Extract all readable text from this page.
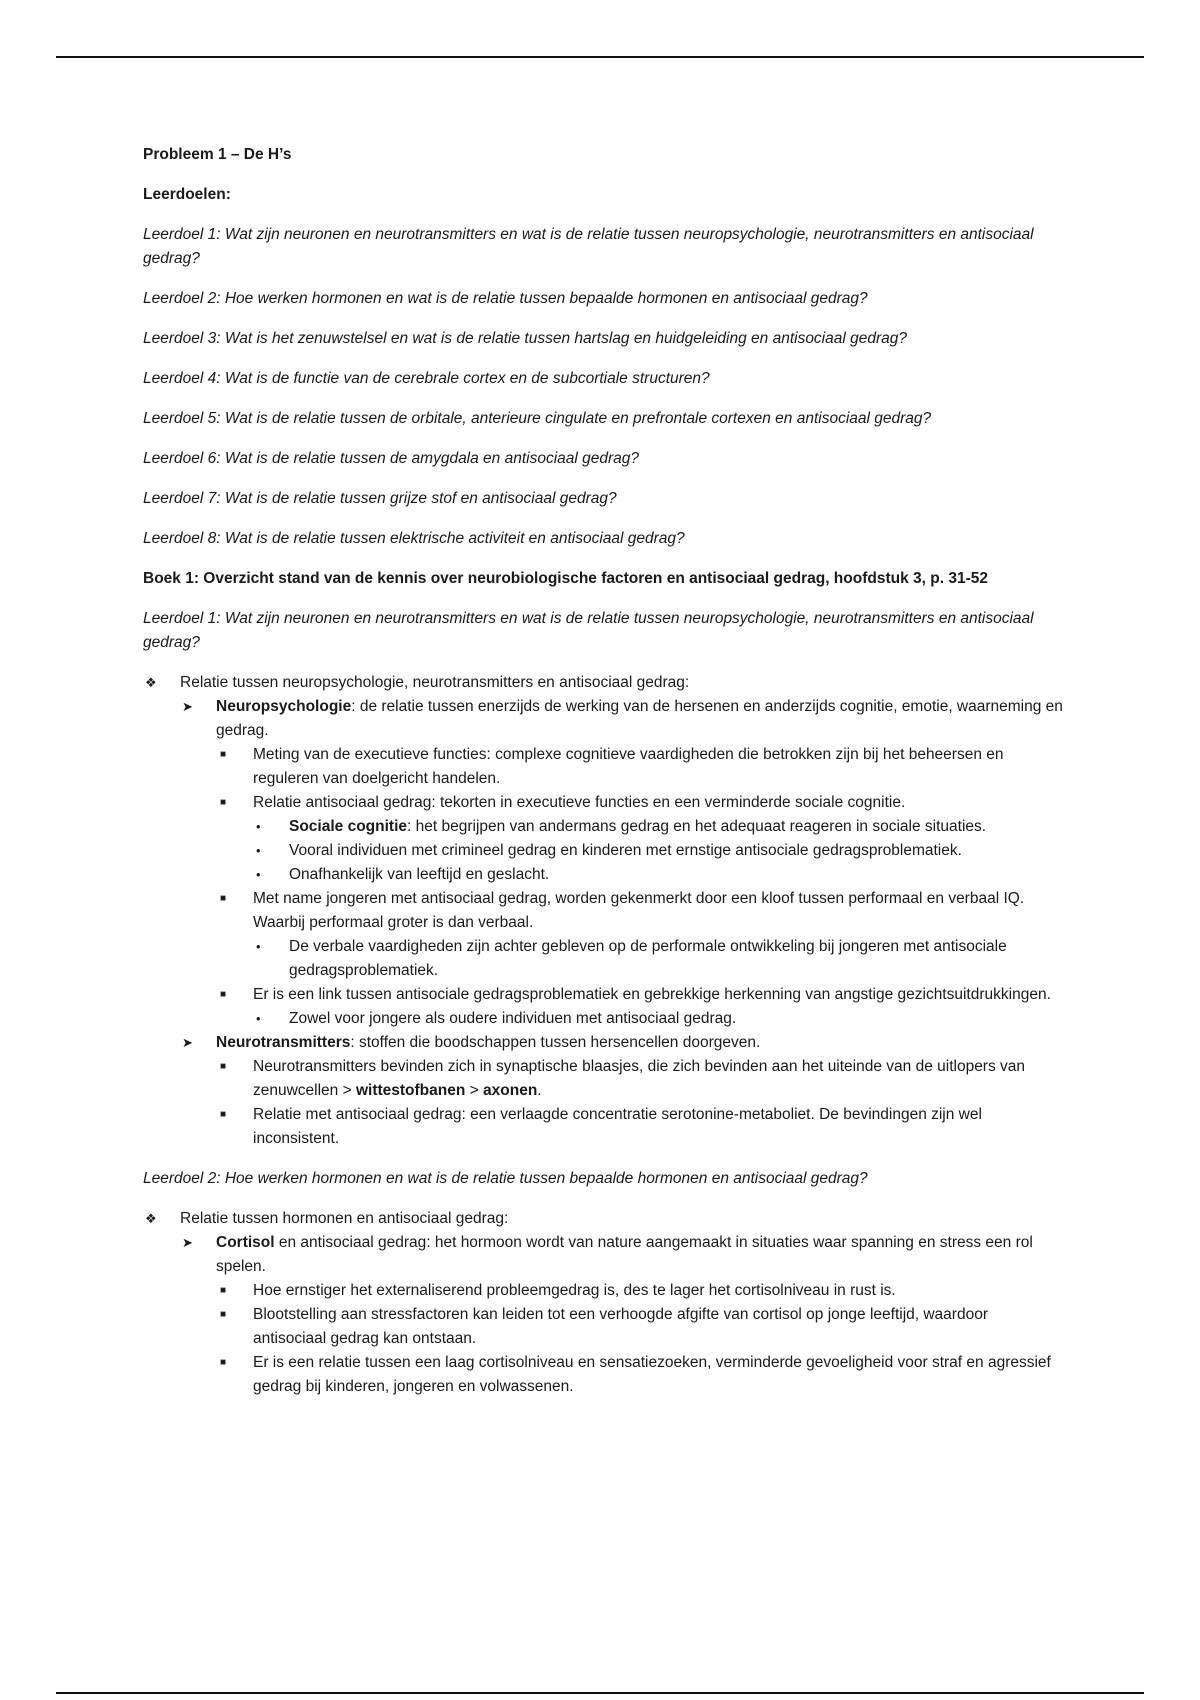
Probleem 1 – De H’s

Leerdoelen:

Leerdoel 1: Wat zijn neuronen en neurotransmitters en wat is de relatie tussen neuropsychologie, neurotransmitters en antisociaal gedrag?

Leerdoel 2: Hoe werken hormonen en wat is de relatie tussen bepaalde hormonen en antisociaal gedrag?

Leerdoel 3: Wat is het zenuwstelsel en wat is de relatie tussen hartslag en huidgeleiding en antisociaal gedrag?

Leerdoel 4: Wat is de functie van de cerebrale cortex en de subcortiale structuren?

Leerdoel 5: Wat is de relatie tussen de orbitale, anterieure cingulate en prefrontale cortexen en antisociaal gedrag?

Leerdoel 6: Wat is de relatie tussen de amygdala en antisociaal gedrag?

Leerdoel 7: Wat is de relatie tussen grijze stof en antisociaal gedrag?

Leerdoel 8: Wat is de relatie tussen elektrische activiteit en antisociaal gedrag?

Boek 1: Overzicht stand van de kennis over neurobiologische factoren en antisociaal gedrag, hoofdstuk 3, p. 31-52

Leerdoel 1: Wat zijn neuronen en neurotransmitters en wat is de relatie tussen neuropsychologie, neurotransmitters en antisociaal gedrag?

❖ Relatie tussen neuropsychologie, neurotransmitters en antisociaal gedrag:
➤ Neuropsychologie: de relatie tussen enerzijds de werking van de hersenen en anderzijds cognitie, emotie, waarneming en gedrag.
■ Meting van de executieve functies: complexe cognitieve vaardigheden die betrokken zijn bij het beheersen en reguleren van doelgericht handelen.
■ Relatie antisociaal gedrag: tekorten in executieve functies en een verminderde sociale cognitie.
• Sociale cognitie: het begrijpen van andermans gedrag en het adequaat reageren in sociale situaties.
• Vooral individuen met crimineel gedrag en kinderen met ernstige antisociale gedragsproblematiek.
• Onafhankelijk van leeftijd en geslacht.
■ Met name jongeren met antisociaal gedrag, worden gekenmerkt door een kloof tussen performaal en verbaal IQ. Waarbij performaal groter is dan verbaal.
• De verbale vaardigheden zijn achter gebleven op de performale ontwikkeling bij jongeren met antisociale gedragsproblematiek.
■ Er is een link tussen antisociale gedragsproblematiek en gebrekkige herkenning van angstige gezichtsuitdrukkingen.
• Zowel voor jongere als oudere individuen met antisociaal gedrag.
➤ Neurotransmitters: stoffen die boodschappen tussen hersencellen doorgeven.
■ Neurotransmitters bevinden zich in synaptische blaasjes, die zich bevinden aan het uiteinde van de uitlopers van zenuwcellen > wittestofbanen > axonen.
■ Relatie met antisociaal gedrag: een verlaagde concentratie serotonine-metaboliet. De bevindingen zijn wel inconsistent.

Leerdoel 2: Hoe werken hormonen en wat is de relatie tussen bepaalde hormonen en antisociaal gedrag?

❖ Relatie tussen hormonen en antisociaal gedrag:
➤ Cortisol en antisociaal gedrag: het hormoon wordt van nature aangemaakt in situaties waar spanning en stress een rol spelen.
■ Hoe ernstiger het externaliserend probleemgedrag is, des te lager het cortisolniveau in rust is.
■ Blootstelling aan stressfactoren kan leiden tot een verhoogde afgifte van cortisol op jonge leeftijd, waardoor antisociaal gedrag kan ontstaan.
■ Er is een relatie tussen een laag cortisolniveau en sensatiezoeken, verminderde gevoeligheid voor straf en agressief gedrag bij kinderen, jongeren en volwassenen.
